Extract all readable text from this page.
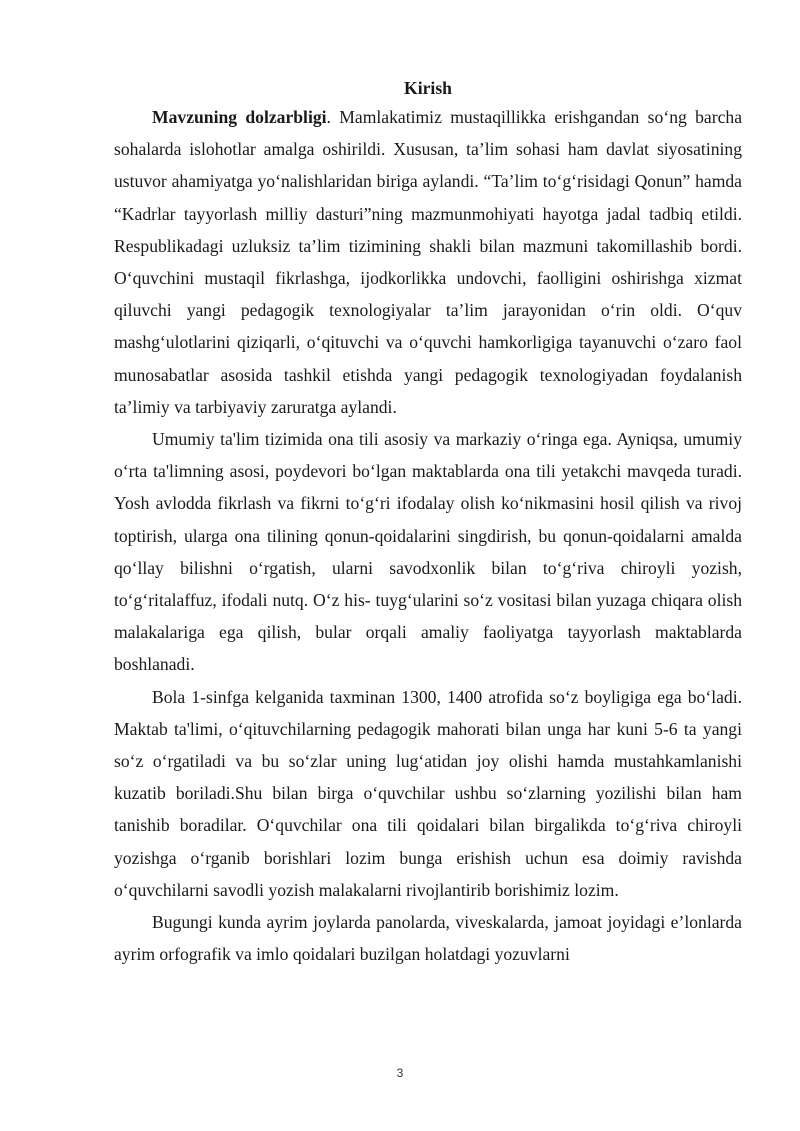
Kirish

Mavzuning dolzarbligi. Mamlakatimiz mustaqillikka erishgandan so‘ng barcha sohalarda islohotlar amalga oshirildi. Xususan, ta’lim sohasi ham davlat siyosatining ustuvor ahamiyatga yo‘nalishlaridan biriga aylandi. “Ta’lim to‘g‘risidagi Qonun” hamda “Kadrlar tayyorlash milliy dasturi”ning mazmunmohiyati hayotga jadal tadbiq etildi. Respublikadagi uzluksiz ta’lim tizimining shakli bilan mazmuni takomillashib bordi. O‘quvchini mustaqil fikrlashga, ijodkorlikka undovchi, faolligini oshirishga xizmat qiluvchi yangi pedagogik texnologiyalar ta’lim jarayonidan o‘rin oldi. O‘quv mashg‘ulotlarini qiziqarli, o‘qituvchi va o‘quvchi hamkorligiga tayanuvchi o‘zaro faol munosabatlar asosida tashkil etishda yangi pedagogik texnologiyadan foydalanish ta’limiy va tarbiyaviy zaruratga aylandi.

Umumiy ta'lim tizimida ona tili asosiy va markaziy o‘ringa ega. Ayniqsa, umumiy o‘rta ta'limning asosi, poydevori bo‘lgan maktablarda ona tili yetakchi mavqeda turadi. Yosh avlodda fikrlash va fikrni to‘g‘ri ifodalay olish ko‘nikmasini hosil qilish va rivoj toptirish, ularga ona tilining qonun-qoidalarini singdirish, bu qonun-qoidalarni amalda qo‘llay bilishni o‘rgatish, ularni savodxonlik bilan to‘g‘riva chiroyli yozish, to‘g‘ritalaffuz, ifodali nutq. O‘z his- tuyg‘ularini so‘z vositasi bilan yuzaga chiqara olish malakalariga ega qilish, bular orqali amaliy faoliyatga tayyorlash maktablarda boshlanadi.

Bola 1-sinfga kelganida taxminan 1300, 1400 atrofida so‘z boyligiga ega bo‘ladi. Maktab ta'limi, o‘qituvchilarning pedagogik mahorati bilan unga har kuni 5-6 ta yangi so‘z o‘rgatiladi va bu so‘zlar uning lug‘atidan joy olishi hamda mustahkamlanishi kuzatib boriladi.Shu bilan birga o‘quvchilar ushbu so‘zlarning yozilishi bilan ham tanishib boradilar. O‘quvchilar ona tili qoidalari bilan birgalikda to‘g‘riva chiroyli yozishga o‘rganib borishlari lozim bunga erishish uchun esa doimiy ravishda o‘quvchilarni savodli yozish malakalarni rivojlantirib borishimiz lozim.

Bugungi kunda ayrim joylarda panolarda, viveskalarda, jamoat joyidagi e’lonlarda ayrim orfografik va imlo qoidalari buzilgan holatdagi yozuvlarni

3
